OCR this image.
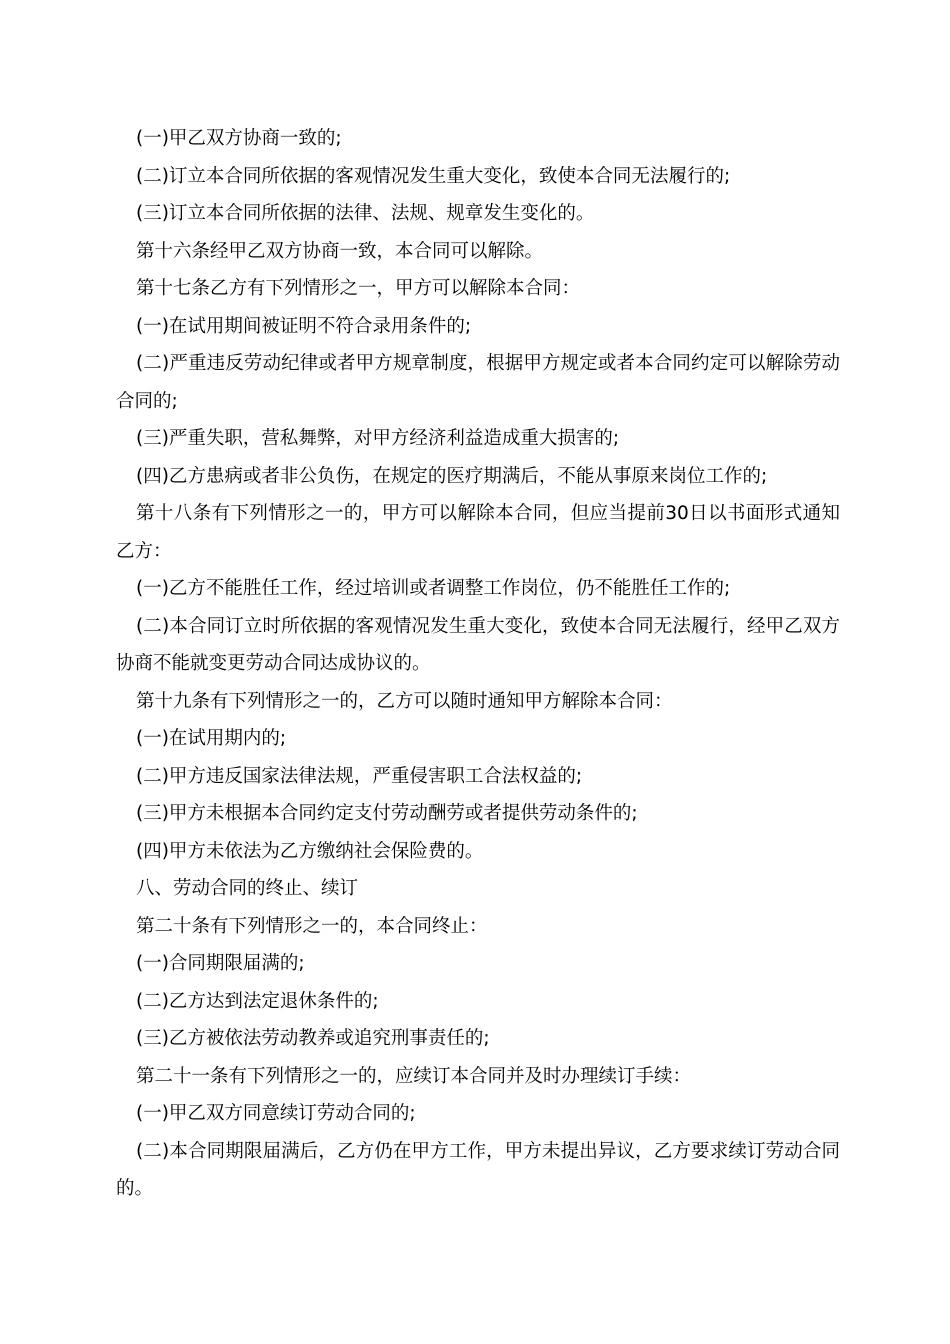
(一)甲乙双方协商一致的;

(二)订立本合同所依据的客观情况发生重大变化，致使本合同无法履行的;

(三)订立本合同所依据的法律、法规、规章发生变化的。

第十六条经甲乙双方协商一致，本合同可以解除。

第十七条乙方有下列情形之一，甲方可以解除本合同：

(一)在试用期间被证明不符合录用条件的;

(二)严重违反劳动纪律或者甲方规章制度，根据甲方规定或者本合同约定可以解除劳动合同的;

(三)严重失职，营私舞弊，对甲方经济利益造成重大损害的;

(四)乙方患病或者非公负伤，在规定的医疗期满后，不能从事原来岗位工作的;

第十八条有下列情形之一的，甲方可以解除本合同，但应当提前30日以书面形式通知乙方：

(一)乙方不能胜任工作，经过培训或者调整工作岗位，仍不能胜任工作的;

(二)本合同订立时所依据的客观情况发生重大变化，致使本合同无法履行，经甲乙双方协商不能就变更劳动合同达成协议的。

第十九条有下列情形之一的，乙方可以随时通知甲方解除本合同：

(一)在试用期内的;

(二)甲方违反国家法律法规，严重侵害职工合法权益的;

(三)甲方未根据本合同约定支付劳动酬劳或者提供劳动条件的;

(四)甲方未依法为乙方缴纳社会保险费的。

八、劳动合同的终止、续订

第二十条有下列情形之一的，本合同终止：

(一)合同期限届满的;

(二)乙方达到法定退休条件的;

(三)乙方被依法劳动教养或追究刑事责任的;

第二十一条有下列情形之一的，应续订本合同并及时办理续订手续：

(一)甲乙双方同意续订劳动合同的;

(二)本合同期限届满后，乙方仍在甲方工作，甲方未提出异议，乙方要求续订劳动合同的。
